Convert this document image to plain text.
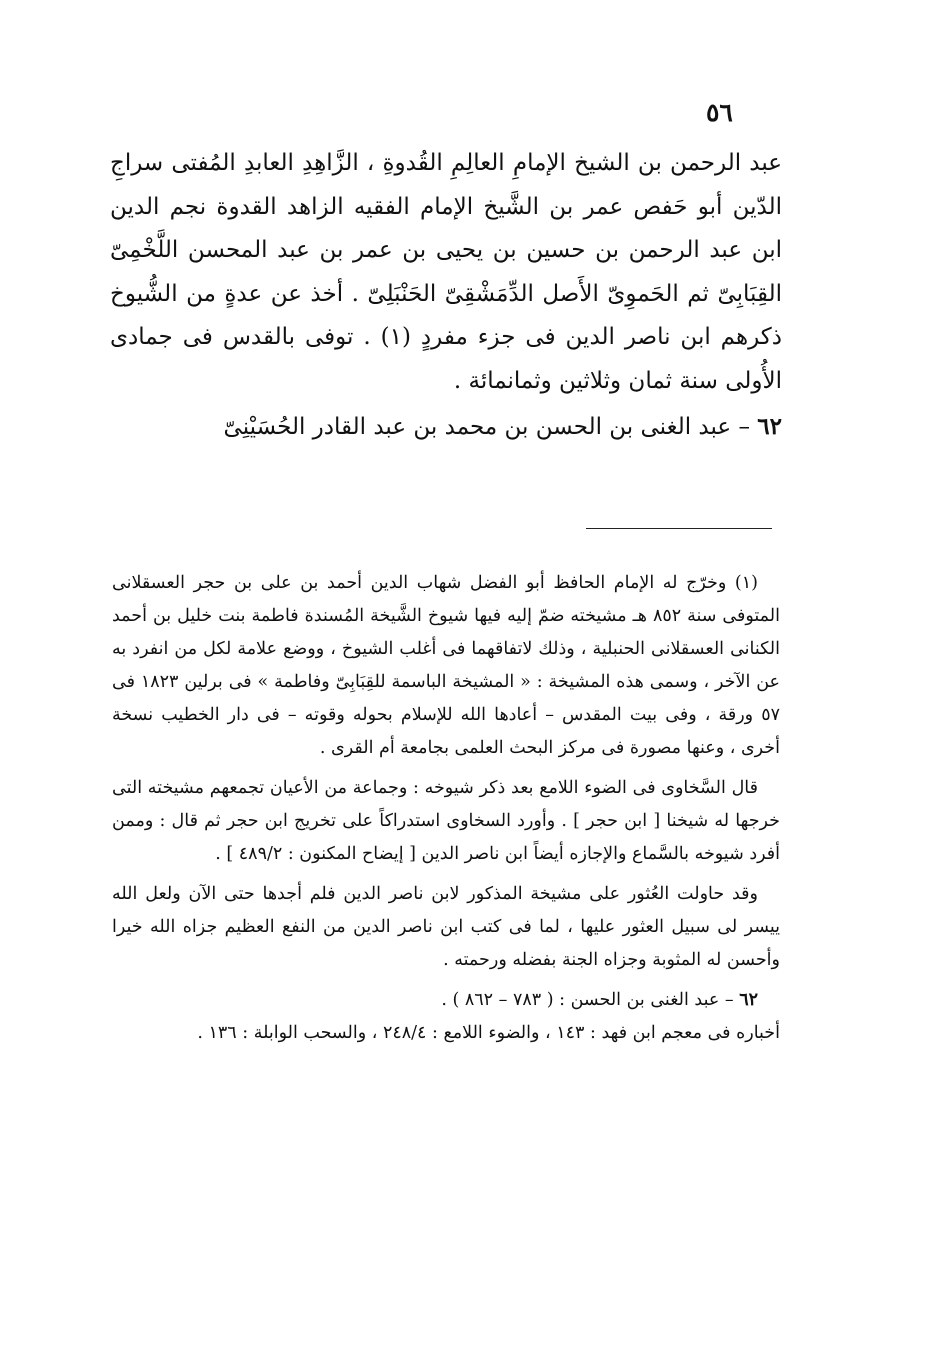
٥٦

عبد الرحمن بن الشيخ الإمامِ العالِمِ القُدوةِ ، الزَّاهِدِ العابدِ المُفتى سراجِ الدّين أبو حَفص عمر بن الشَّيخ الإمام الفقيه الزاهد القدوة نجم الدين ابن عبد الرحمن بن حسين بن يحيى بن عمر بن عبد المحسن اللَّخْمِىّ القِبَابِىّ ثم الحَموِىّ الأَصل الدِّمَشْقِىّ الحَنْبَلِىّ . أخذ عن عدةٍ من الشُّيوخ ذكرهم ابن ناصر الدين فى جزء مفردٍ (١) . توفى بالقدس فى جمادى الأُولى سنة ثمان وثلاثين وثمانمائة .

٦٢ – عبد الغنى بن الحسن بن محمد بن عبد القادر الحُسَيْنِىّ

(١) وخرّج له الإمام الحافظ أبو الفضل شهاب الدين أحمد بن على بن حجر العسقلانى المتوفى سنة ٨٥٢ هـ مشيخته ضمّ إليه فيها شيوخ الشَّيخة المُسندة فاطمة بنت خليل بن أحمد الكنانى العسقلانى الحنبلية ، وذلك لاتفاقهما فى أغلب الشيوخ ، ووضع علامة لكل من انفرد به عن الآخر ، وسمى هذه المشيخة : « المشيخة الباسمة للقِبَابِىّ وفاطمة » فى برلين ١٨٢٣ فى ٥٧ ورقة ، وفى بيت المقدس – أعادها الله للإسلام بحوله وقوته – فى دار الخطيب نسخة أخرى ، وعنها مصورة فى مركز البحث العلمى بجامعة أم القرى .

قال السَّخاوى فى الضوء اللامع بعد ذكر شيوخه : وجماعة من الأعيان تجمعهم مشيخته التى خرجها له شيخنا [ ابن حجر ] . وأورد السخاوى استدراكاً على تخريج ابن حجر ثم قال : وممن أفرد شيوخه بالسَّماع والإجازه أيضاً ابن ناصر الدين [ إيضاح المكنون : ٤٨٩/٢ ] .

وقد حاولت العُثور على مشيخة المذكور لابن ناصر الدين فلم أجدها حتى الآن ولعل الله ييسر لى سبيل العثور عليها ، لما فى كتب ابن ناصر الدين من النفع العظيم جزاه الله خيرا وأحسن له المثوبة وجزاه الجنة بفضله ورحمته .

٦٢ – عبد الغنى بن الحسن : ( ٧٨٣ – ٨٦٢ ) .

أخباره فى معجم ابن فهد : ١٤٣ ، والضوء اللامع : ٢٤٨/٤ ، والسحب الوابلة : ١٣٦ .
